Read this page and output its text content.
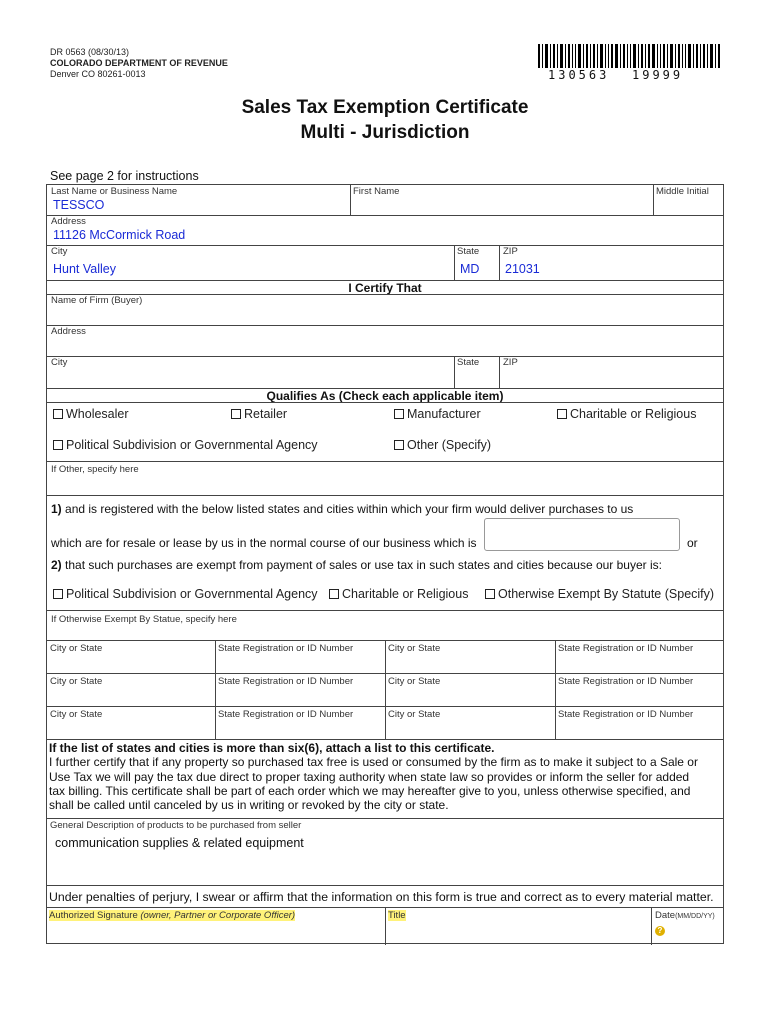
DR 0563 (08/30/13)
COLORADO DEPARTMENT OF REVENUE
Denver CO 80261-0013	130563 19999
Sales Tax Exemption Certificate
Multi - Jurisdiction
See page 2 for instructions
Last Name or Business Name	First Name	Middle Initial
TESSCO
Address
11126 McCormick Road
City	State	ZIP
Hunt Valley	MD 21031
I Certify That
Name of Firm (Buyer)
Address
City	State	ZIP
Qualifies As (Check each applicable item)
Wholesaler	Retailer	Manufacturer	Charitable or Religious
Political Subdivision or Governmental Agency	Other (Specify)
If Other, specify here
1) and is registered with the below listed states and cities within which your firm would deliver purchases to us
which are for resale or lease by us in the normal course of our business which is	or
2) that such purchases are exempt from payment of sales or use tax in such states and cities because our buyer is:
Political Subdivision or Governmental Agency	Charitable or Religious	Otherwise Exempt By Statute (Specify)
If Otherwise Exempt By Statue, specify here
City or State	State Registration or ID Number	City or State	State Registration or ID Number
City or State	State Registration or ID Number	City or State	State Registration or ID Number
City or State	State Registration or ID Number	City or State	State Registration or ID Number
If the list of states and cities is more than six(6), attach a list to this certificate.
I further certify that if any property so purchased tax free is used or consumed by the firm as to make it subject to a Sale or
Use Tax we will pay the tax due direct to proper taxing authority when state law so provides or inform the seller for added
tax billing. This certificate shall be part of each order which we may hereafter give to you, unless otherwise specified, and
shall be called until canceled by us in writing or revoked by the city or state.
General Description of products to be purchased from seller
communication supplies & related equipment
Under penalties of perjury, I swear or affirm that the information on this form is true and correct as to every material matter.
Authorized Signature (owner, Partner or Corporate Officer)	Title	Date(MM/DD/YY)
?
